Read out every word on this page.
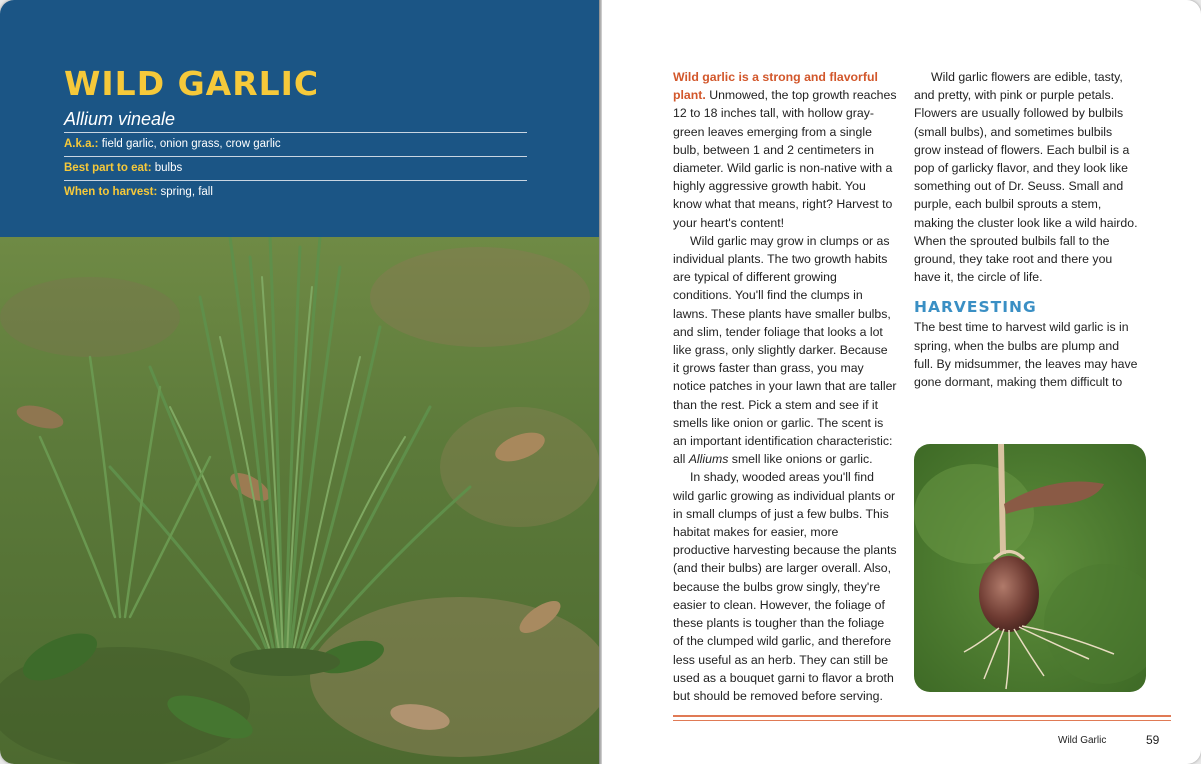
WILD GARLIC
Allium vineale
A.k.a.: field garlic, onion grass, crow garlic
Best part to eat: bulbs
When to harvest: spring, fall

Wild garlic is a strong and flavorful plant. Unmowed, the top growth reaches 12 to 18 inches tall, with hollow gray-green leaves emerging from a single bulb, between 1 and 2 centimeters in diameter. Wild garlic is non-native with a highly aggressive growth habit. You know what that means, right? Harvest to your heart's content!

Wild garlic may grow in clumps or as individual plants. The two growth habits are typical of different growing conditions. You'll find the clumps in lawns. These plants have smaller bulbs, and slim, tender foliage that looks a lot like grass, only slightly darker. Because it grows faster than grass, you may notice patches in your lawn that are taller than the rest. Pick a stem and see if it smells like onion or garlic. The scent is an important identification characteristic: all Alliums smell like onions or garlic.

In shady, wooded areas you'll find wild garlic growing as individual plants or in small clumps of just a few bulbs. This habitat makes for easier, more productive harvesting because the plants (and their bulbs) are larger overall. Also, because the bulbs grow singly, they're easier to clean. However, the foliage of these plants is tougher than the foliage of the clumped wild garlic, and therefore less useful as an herb. They can still be used as a bouquet garni to flavor a broth but should be removed before serving.

Wild garlic flowers are edible, tasty, and pretty, with pink or purple petals. Flowers are usually followed by bulbils (small bulbs), and sometimes bulbils grow instead of flowers. Each bulbil is a pop of garlicky flavor, and they look like something out of Dr. Seuss. Small and purple, each bulbil sprouts a stem, making the cluster look like a wild hairdo. When the sprouted bulbils fall to the ground, they take root and there you have it, the circle of life.

HARVESTING

The best time to harvest wild garlic is in spring, when the bulbs are plump and full. By midsummer, the leaves may have gone dormant, making them difficult to

Wild Garlic	59
